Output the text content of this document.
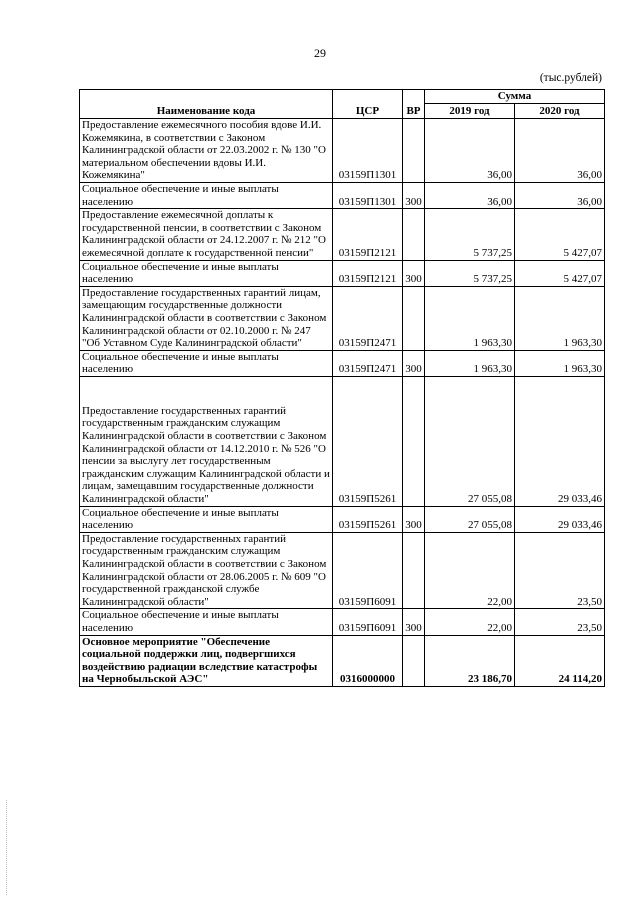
29
(тыс.рублей)
Наименование кода	ЦСР	ВР	Сумма	
			2019 год	2020 год
Предоставление ежемесячного пособия вдове И.И. Кожемякина, в соответствии с Законом Калининградской области от 22.03.2002 г. № 130 "О материальном обеспечении вдовы И.И. Кожемякина"	03159П1301		36,00	36,00
Социальное обеспечение и иные выплаты населению	03159П1301	300	36,00	36,00
Предоставление ежемесячной доплаты к государственной пенсии, в соответствии с Законом Калининградской области от 24.12.2007 г. № 212 "О ежемесячной доплате к государственной пенсии"	03159П2121		5 737,25	5 427,07
Социальное обеспечение и иные выплаты населению	03159П2121	300	5 737,25	5 427,07
Предоставление государственных гарантий лицам, замещающим государственные должности Калининградской области в соответствии с Законом Калининградской области от 02.10.2000 г. № 247 "Об Уставном Суде Калининградской области"	03159П2471		1 963,30	1 963,30
Социальное обеспечение и иные выплаты населению	03159П2471	300	1 963,30	1 963,30
Предоставление государственных гарантий государственным гражданским служащим Калининградской области в соответствии с Законом Калининградской области от 14.12.2010 г. № 526 "О пенсии за выслугу лет государственным гражданским служащим Калининградской области и лицам, замещавшим государственные должности Калининградской области"	03159П5261		27 055,08	29 033,46
Социальное обеспечение и иные выплаты населению	03159П5261	300	27 055,08	29 033,46
Предоставление государственных гарантий государственным гражданским служащим Калининградской области в соответствии с Законом Калининградской области от 28.06.2005 г. № 609 "О государственной гражданской службе Калининградской области"	03159П6091		22,00	23,50
Социальное обеспечение и иные выплаты населению	03159П6091	300	22,00	23,50
Основное мероприятие "Обеспечение социальной поддержки лиц, подвергшихся воздействию радиации вследствие катастрофы на Чернобыльской АЭС"	0316000000		23 186,70	24 114,20
